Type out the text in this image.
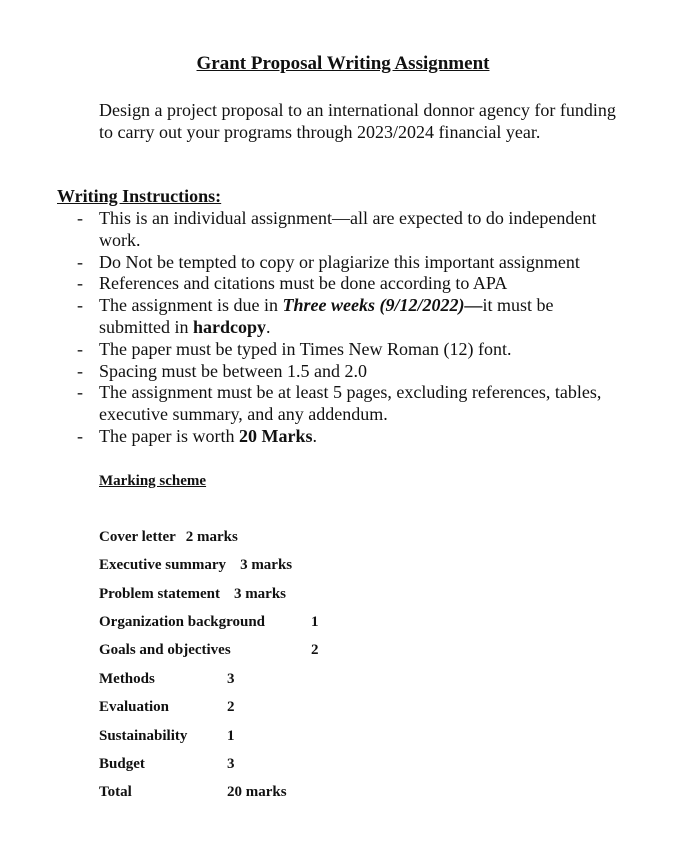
Grant Proposal Writing Assignment
Design a project proposal to an international donnor agency for funding to carry out your programs through 2023/2024 financial year.
Writing Instructions:
- This is an individual assignment—all are expected to do independent work.
- Do Not be tempted to copy or plagiarize this important assignment
- References and citations must be done according to APA
- The assignment is due in Three weeks (9/12/2022)—it must be submitted in hardcopy.
- The paper must be typed in Times New Roman (12) font.
- Spacing must be between 1.5 and 2.0
- The assignment must be at least 5 pages, excluding references, tables, executive summary, and any addendum.
- The paper is worth 20 Marks.
Marking scheme
Cover letter 2 marks
Executive summary 3 marks
Problem statement 3 marks
Organization background	1
Goals and objectives	2
Methods	3
Evaluation	2
Sustainability	1
Budget	3
Total	20 marks
